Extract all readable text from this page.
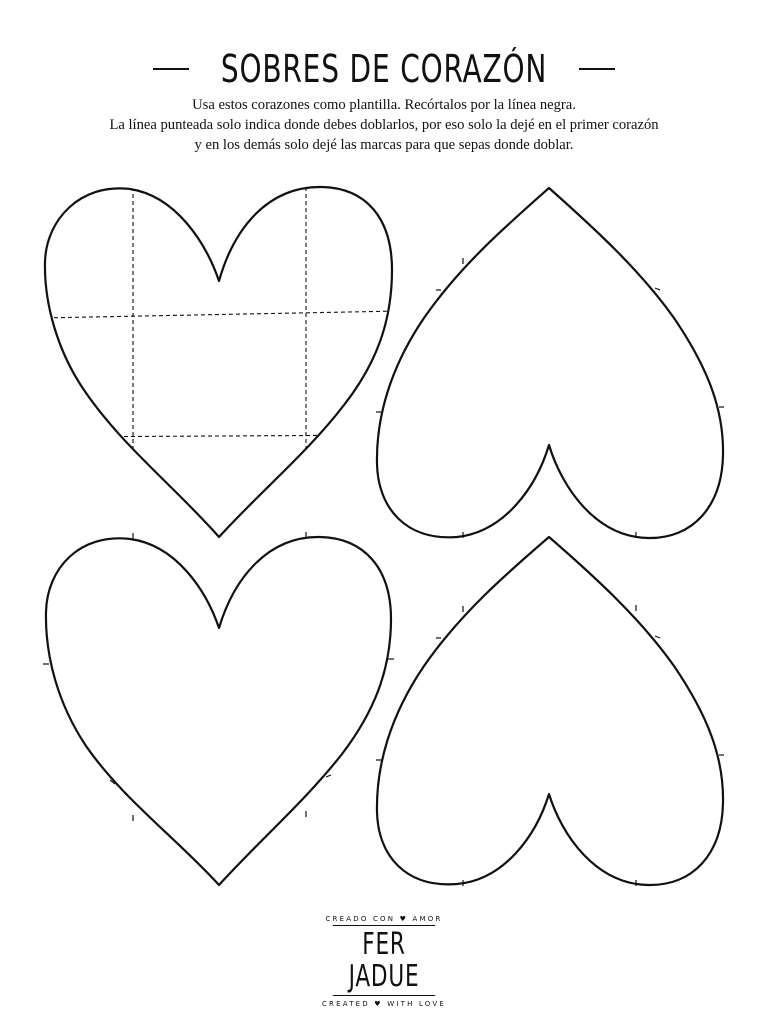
SOBRES DE CORAZÓN
Usa estos corazones como plantilla. Recórtalos por la línea negra.
La línea punteada solo indica donde debes doblarlos, por eso solo la dejé en el primer corazón
y en los demás solo dejé las marcas para que sepas donde doblar.
CREADO CON ♥ AMOR
FER JADUE
CREATED ♥ WITH LOVE
